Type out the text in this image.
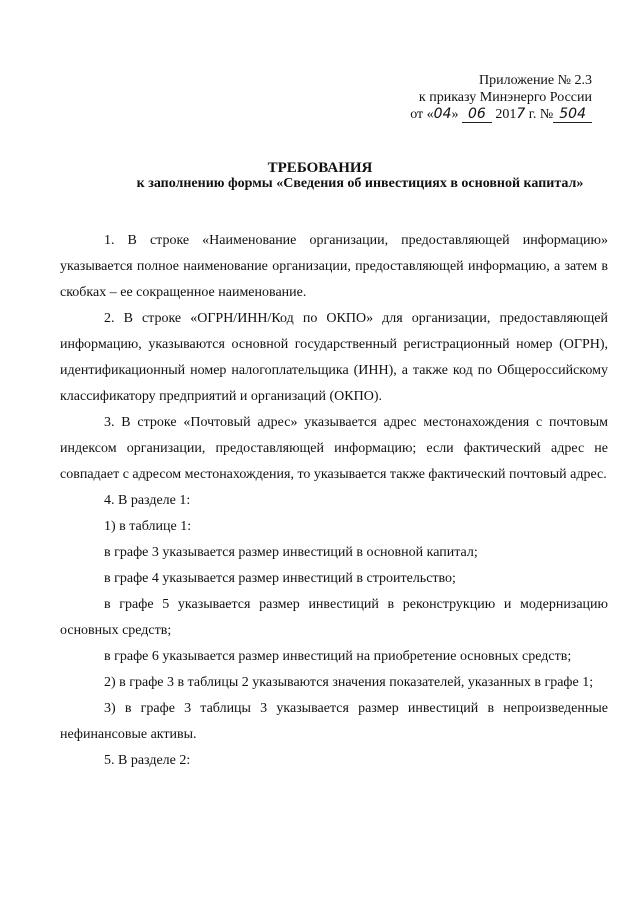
Приложение № 2.3
к приказу Минэнерго России
от «04» 06 2017 г. № 504
ТРЕБОВАНИЯ
к заполнению формы «Сведения об инвестициях в основной капитал»

1. В строке «Наименование организации, предоставляющей информацию» указывается полное наименование организации, предоставляющей информацию, а затем в скобках – ее сокращенное наименование.

2. В строке «ОГРН/ИНН/Код по ОКПО» для организации, предоставляющей информацию, указываются основной государственный регистрационный номер (ОГРН), идентификационный номер налогоплательщика (ИНН), а также код по Общероссийскому классификатору предприятий и организаций (ОКПО).

3. В строке «Почтовый адрес» указывается адрес местонахождения с почтовым индексом организации, предоставляющей информацию; если фактический адрес не совпадает с адресом местонахождения, то указывается также фактический почтовый адрес.

4. В разделе 1:

1) в таблице 1:

в графе 3 указывается размер инвестиций в основной капитал;

в графе 4 указывается размер инвестиций в строительство;

в графе 5 указывается размер инвестиций в реконструкцию и модернизацию основных средств;

в графе 6 указывается размер инвестиций на приобретение основных средств;

2) в графе 3 в таблицы 2 указываются значения показателей, указанных в графе 1;

3) в графе 3 таблицы 3 указывается размер инвестиций в непроизведенные нефинансовые активы.

5. В разделе 2:
